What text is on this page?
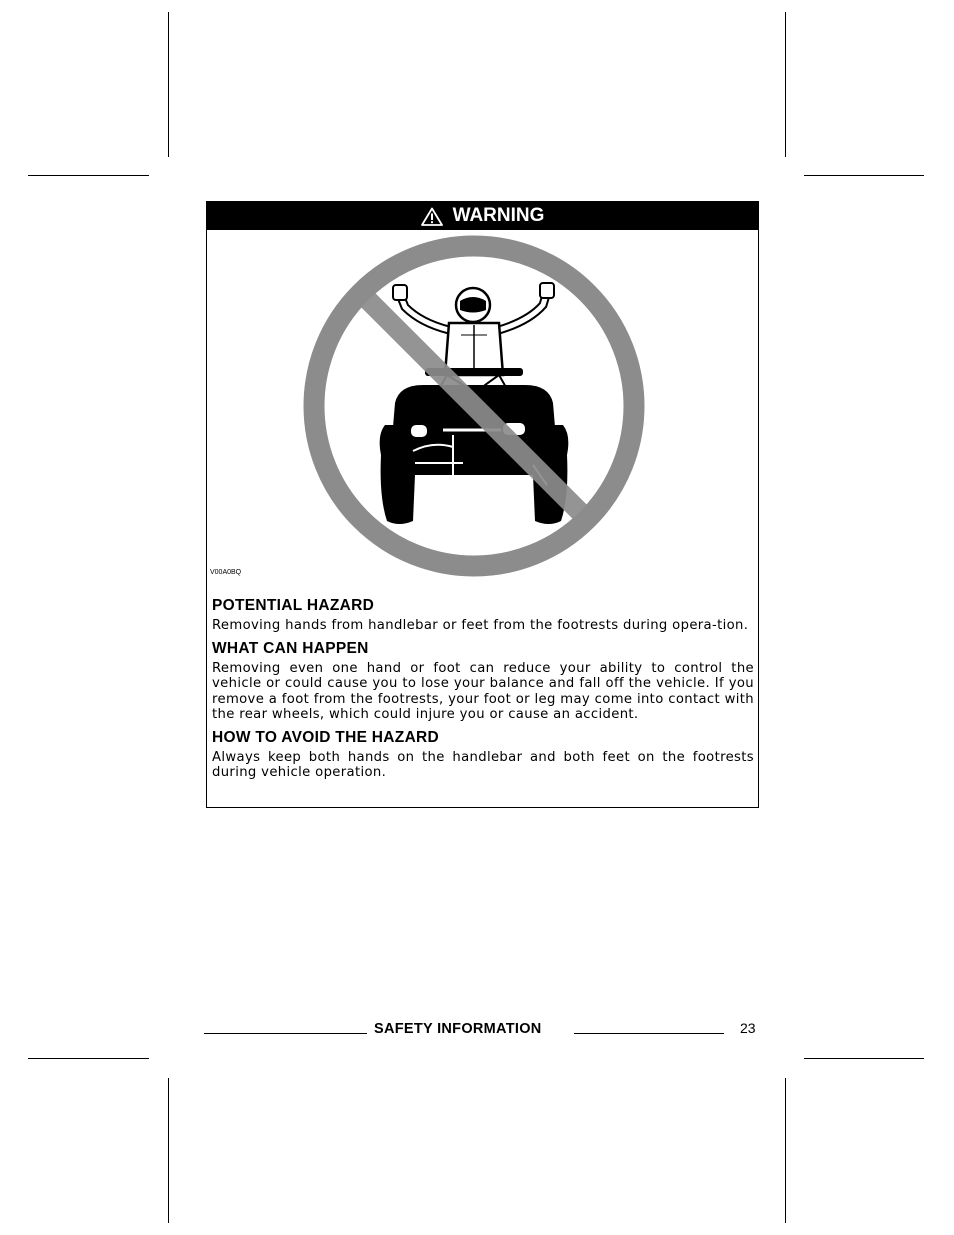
WARNING
V00A0BQ
POTENTIAL HAZARD

Removing hands from handlebar or feet from the footrests during opera-tion.

WHAT CAN HAPPEN

Removing even one hand or foot can reduce your ability to control the vehicle or could cause you to lose your balance and fall off the vehicle. If you remove a foot from the footrests, your foot or leg may come into contact with the rear wheels, which could injure you or cause an accident.

HOW TO AVOID THE HAZARD

Always keep both hands on the handlebar and both feet on the footrests during vehicle operation.

SAFETY INFORMATION	23
